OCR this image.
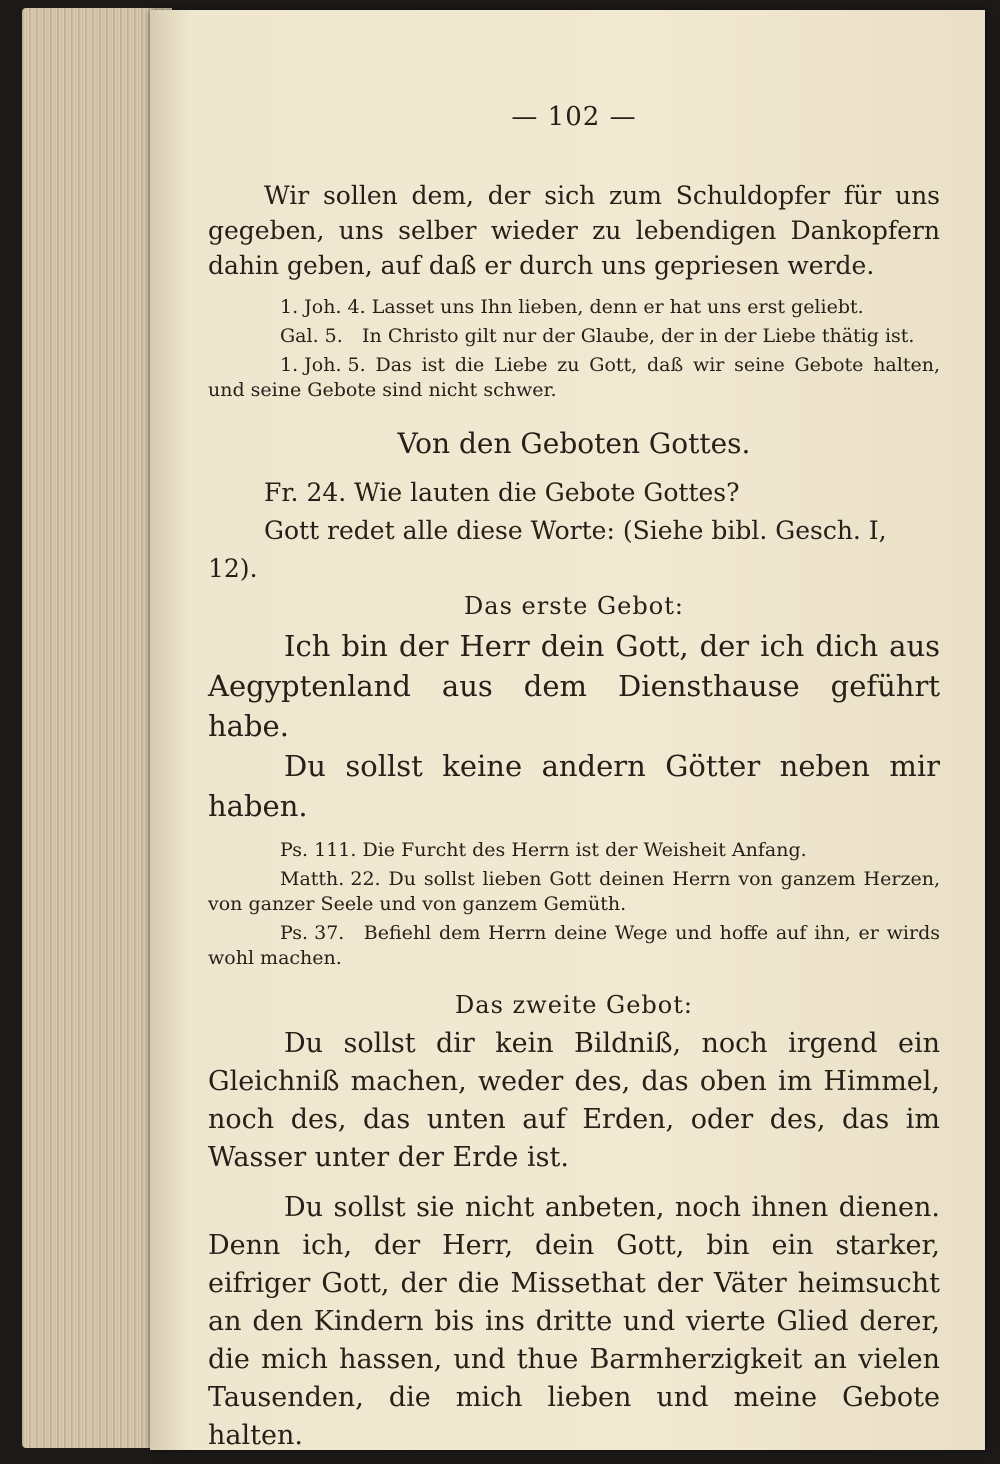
— 102 —

Wir sollen dem, der sich zum Schuldopfer für uns gegeben, uns selber wieder zu lebendigen Dankopfern dahin geben, auf daß er durch uns gepriesen werde.

1. Joh. 4. Lasset uns Ihn lieben, denn er hat uns erst geliebt.

Gal. 5. In Christo gilt nur der Glaube, der in der Liebe thätig ist.

1. Joh. 5. Das ist die Liebe zu Gott, daß wir seine Gebote halten, und seine Gebote sind nicht schwer.

Von den Geboten Gottes.

Fr. 24. Wie lauten die Gebote Gottes?

Gott redet alle diese Worte: (Siehe bibl. Gesch. I, 12).

Das erste Gebot:

Ich bin der Herr dein Gott, der ich dich aus Aegyptenland aus dem Diensthause geführt habe.

Du sollst keine andern Götter neben mir haben.

Ps. 111. Die Furcht des Herrn ist der Weisheit Anfang.

Matth. 22. Du sollst lieben Gott deinen Herrn von ganzem Herzen, von ganzer Seele und von ganzem Gemüth.

Ps. 37. Befiehl dem Herrn deine Wege und hoffe auf ihn, er wirds wohl machen.

Das zweite Gebot:

Du sollst dir kein Bildniß, noch irgend ein Gleichniß machen, weder des, das oben im Himmel, noch des, das unten auf Erden, oder des, das im Wasser unter der Erde ist.

Du sollst sie nicht anbeten, noch ihnen dienen. Denn ich, der Herr, dein Gott, bin ein starker, eifriger Gott, der die Missethat der Väter heimsucht an den Kindern bis ins dritte und vierte Glied derer, die mich hassen, und thue Barmherzigkeit an vielen Tausenden, die mich lieben und meine Gebote halten.
